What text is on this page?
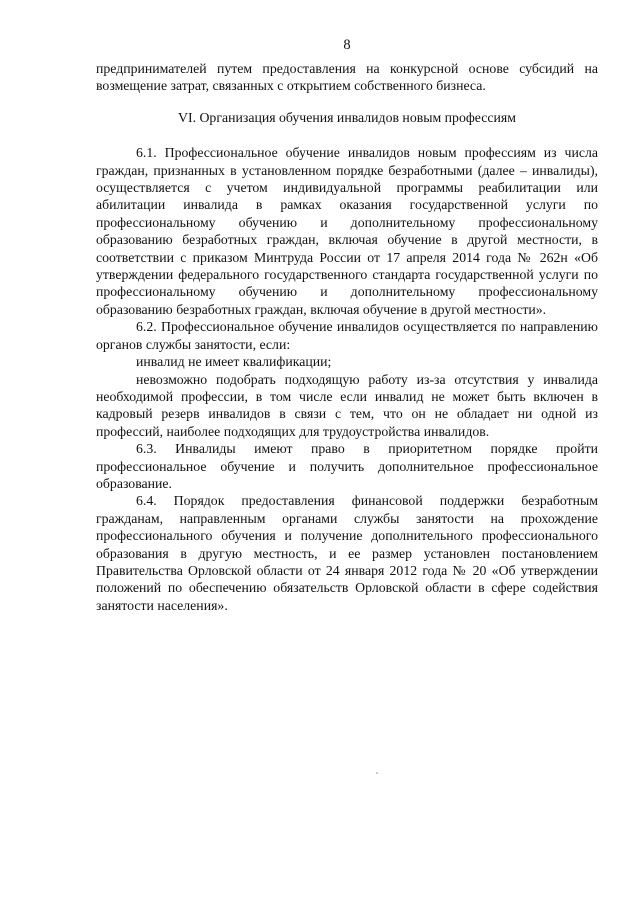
8

предпринимателей путем предоставления на конкурсной основе субсидий на возмещение затрат, связанных с открытием собственного бизнеса.

VI. Организация обучения инвалидов новым профессиям

6.1. Профессиональное обучение инвалидов новым профессиям из числа граждан, признанных в установленном порядке безработными (далее – инвалиды), осуществляется с учетом индивидуальной программы реабилитации или абилитации инвалида в рамках оказания государственной услуги по профессиональному обучению и дополнительному профессиональному образованию безработных граждан, включая обучение в другой местности, в соответствии с приказом Минтруда России от 17 апреля 2014 года № 262н «Об утверждении федерального государственного стандарта государственной услуги по профессиональному обучению и дополнительному профессиональному образованию безработных граждан, включая обучение в другой местности».

6.2. Профессиональное обучение инвалидов осуществляется по направлению органов службы занятости, если:

инвалид не имеет квалификации;

невозможно подобрать подходящую работу из-за отсутствия у инвалида необходимой профессии, в том числе если инвалид не может быть включен в кадровый резерв инвалидов в связи с тем, что он не обладает ни одной из профессий, наиболее подходящих для трудоустройства инвалидов.

6.3. Инвалиды имеют право в приоритетном порядке пройти профессиональное обучение и получить дополнительное профессиональное образование.

6.4. Порядок предоставления финансовой поддержки безработным гражданам, направленным органами службы занятости на прохождение профессионального обучения и получение дополнительного профессионального образования в другую местность, и ее размер установлен постановлением Правительства Орловской области от 24 января 2012 года № 20 «Об утверждении положений по обеспечению обязательств Орловской области в сфере содействия занятости населения».
